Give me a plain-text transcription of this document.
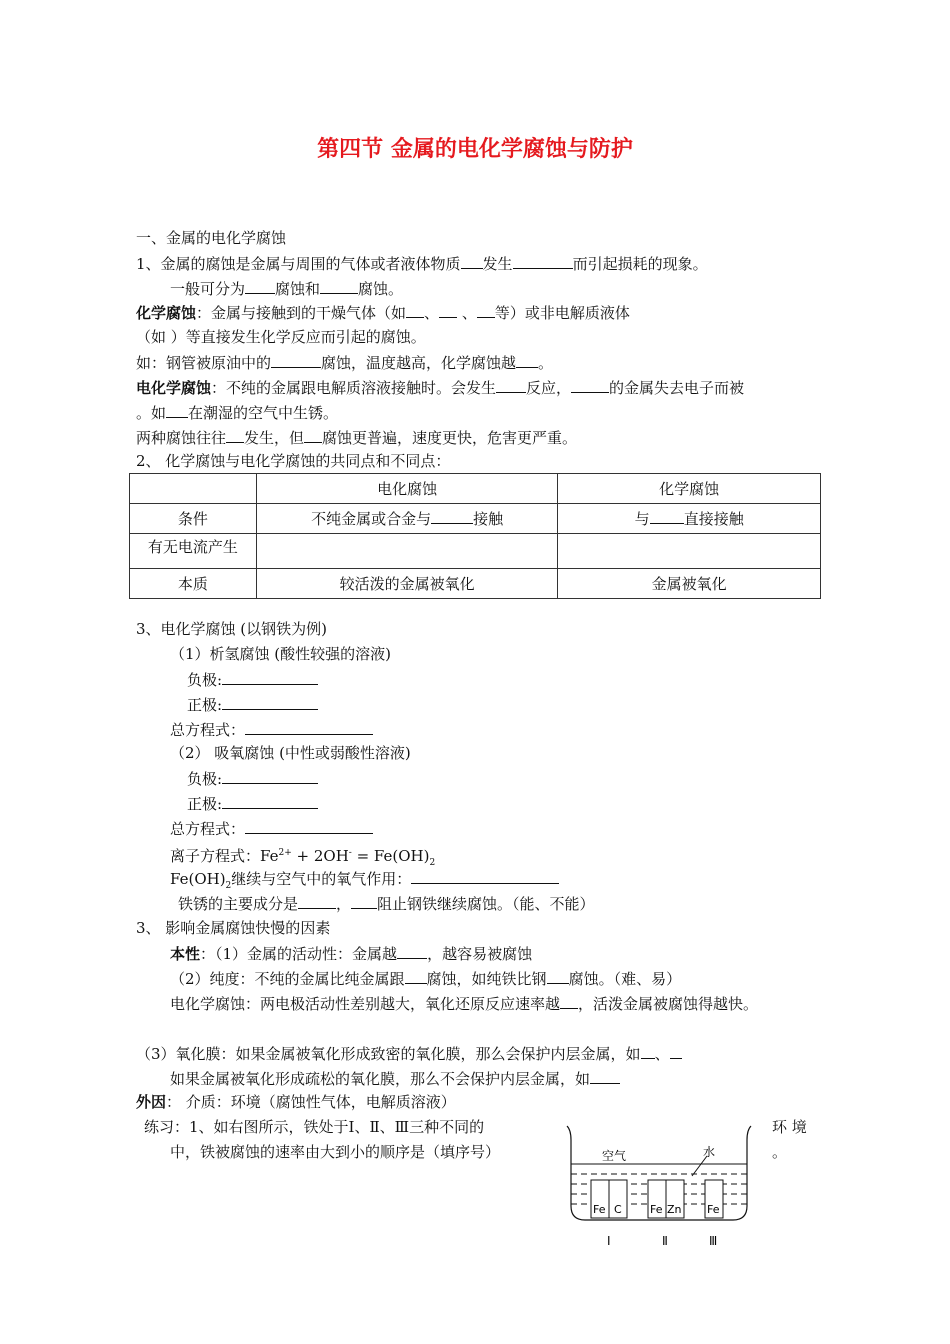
第四节 金属的电化学腐蚀与防护
一、金属的电化学腐蚀
1、金属的腐蚀是金属与周围的气体或者液体物质 发生	而引起损耗的现象。
一般可分为 腐蚀和	腐蚀。
化学腐蚀：金属与接触到的干燥气体（如 、 、 等）或非电解质液体
（如 ）等直接发生化学反应而引起的腐蚀。
如：钢管被原油中的	腐蚀，温度越高，化学腐蚀越 。
电化学腐蚀：不纯的金属跟电解质溶液接触时。会发生 反应，	的金属失去电子而被
。如 在潮湿的空气中生锈。
两种腐蚀往往 发生，但 腐蚀更普遍，速度更快，危害更严重。
2、 化学腐蚀与电化学腐蚀的共同点和不同点：
	电化腐蚀	化学腐蚀
条件	不纯金属或合金与 接触	与 直接接触
有无电流产生		
本质	较活泼的金属被氧化	金属被氧化
3、电化学腐蚀 (以钢铁为例)
（1）析氢腐蚀 (酸性较强的溶液)
负极:
正极:
总方程式：
（2） 吸氧腐蚀 (中性或弱酸性溶液)
负极:
正极:
总方程式：
离子方程式：$Fe^{2+} + 2OH^- = Fe(OH)_2$
$Fe(OH)_2$继续与空气中的氧气作用：
铁锈的主要成分是	， 阻止钢铁继续腐蚀。（能、不能）
3、 影响金属腐蚀快慢的因素
本性：（1）金属的活动性：金属越 ，越容易被腐蚀
（2）纯度：不纯的金属比纯金属跟 腐蚀，如纯铁比钢 腐蚀。（难、易）
电化学腐蚀：两电极活动性差别越大，氧化还原反应速率越 ，活泼金属被腐蚀得越快。
（3）氧化膜：如果金属被氧化形成致密的氧化膜，那么会保护内层金属，如 、
如果金属被氧化形成疏松的氧化膜，那么不会保护内层金属，如
外因： 介质：环境（腐蚀性气体，电解质溶液）
练习：1、如右图所示，铁处于Ⅰ、Ⅱ、Ⅲ三种不同的	环 境
中，铁被腐蚀的速率由大到小的顺序是（填序号）	。
空气	水
Fe C	Fe Zn Fe
Ⅰ	Ⅱ	Ⅲ
